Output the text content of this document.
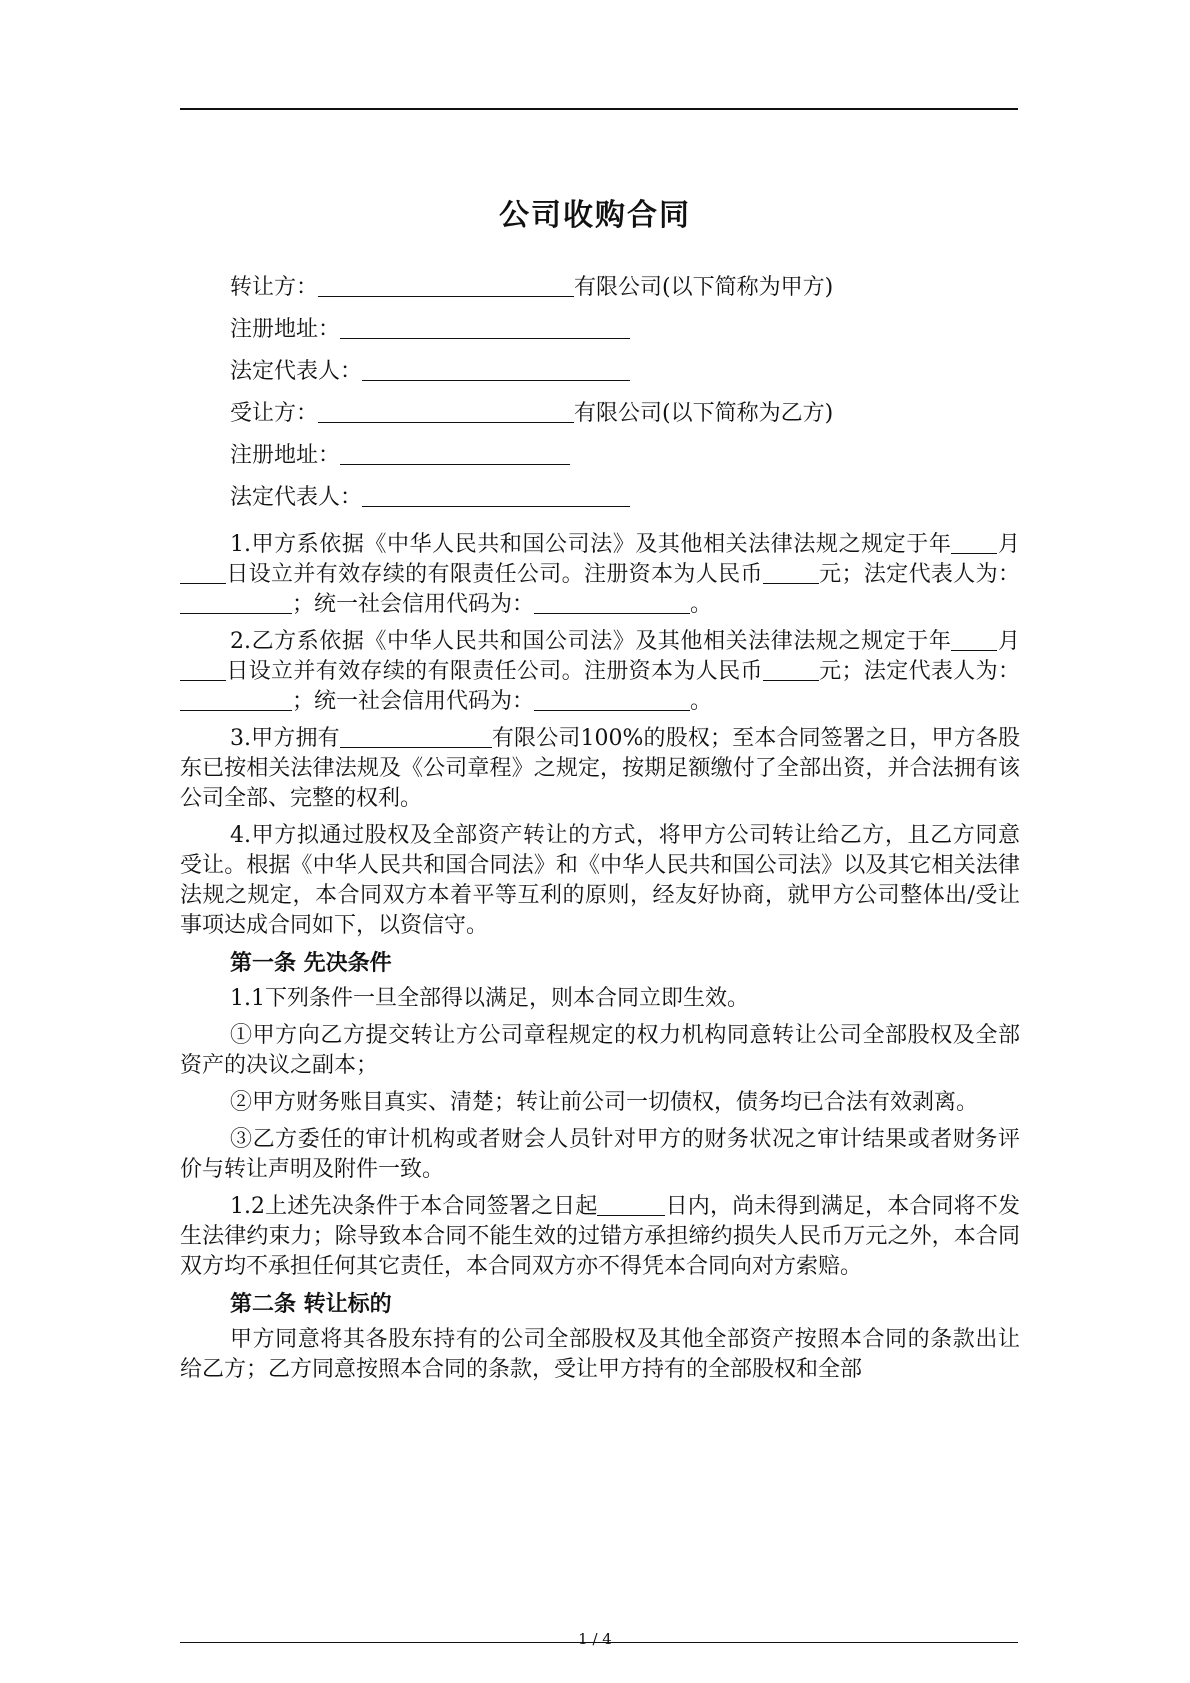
公司收购合同
转让方：	有限公司(以下简称为甲方)
注册地址：
法定代表人：
受让方：	有限公司(以下简称为乙方)
注册地址：
法定代表人：

1.甲方系依据《中华人民共和国公司法》及其他相关法律法规之规定于年 月日设立并有效存续的有限责任公司。注册资本为人民币	元；法定代表人为：；统一社会信用代码为：	。

2.乙方系依据《中华人民共和国公司法》及其他相关法律法规之规定于年 月日设立并有效存续的有限责任公司。注册资本为人民币	元；法定代表人为：；统一社会信用代码为：	。

3.甲方拥有	有限公司100%的股权；至本合同签署之日，甲方各股东已按相关法律法规及《公司章程》之规定，按期足额缴付了全部出资，并合法拥有该公司全部、完整的权利。

4.甲方拟通过股权及全部资产转让的方式，将甲方公司转让给乙方，且乙方同意受让。根据《中华人民共和国合同法》和《中华人民共和国公司法》以及其它相关法律法规之规定，本合同双方本着平等互利的原则，经友好协商，就甲方公司整体出/受让事项达成合同如下，以资信守。

第一条 先决条件

1.1下列条件一旦全部得以满足，则本合同立即生效。

①甲方向乙方提交转让方公司章程规定的权力机构同意转让公司全部股权及全部资产的决议之副本；

②甲方财务账目真实、清楚；转让前公司一切债权，债务均已合法有效剥离。

③乙方委任的审计机构或者财会人员针对甲方的财务状况之审计结果或者财务评价与转让声明及附件一致。

1.2上述先决条件于本合同签署之日起	日内，尚未得到满足，本合同将不发生法律约束力；除导致本合同不能生效的过错方承担缔约损失人民币万元之外，本合同双方均不承担任何其它责任，本合同双方亦不得凭本合同向对方索赔。

第二条 转让标的

甲方同意将其各股东持有的公司全部股权及其他全部资产按照本合同的条款出让给乙方；乙方同意按照本合同的条款，受让甲方持有的全部股权和全部

1 / 4
